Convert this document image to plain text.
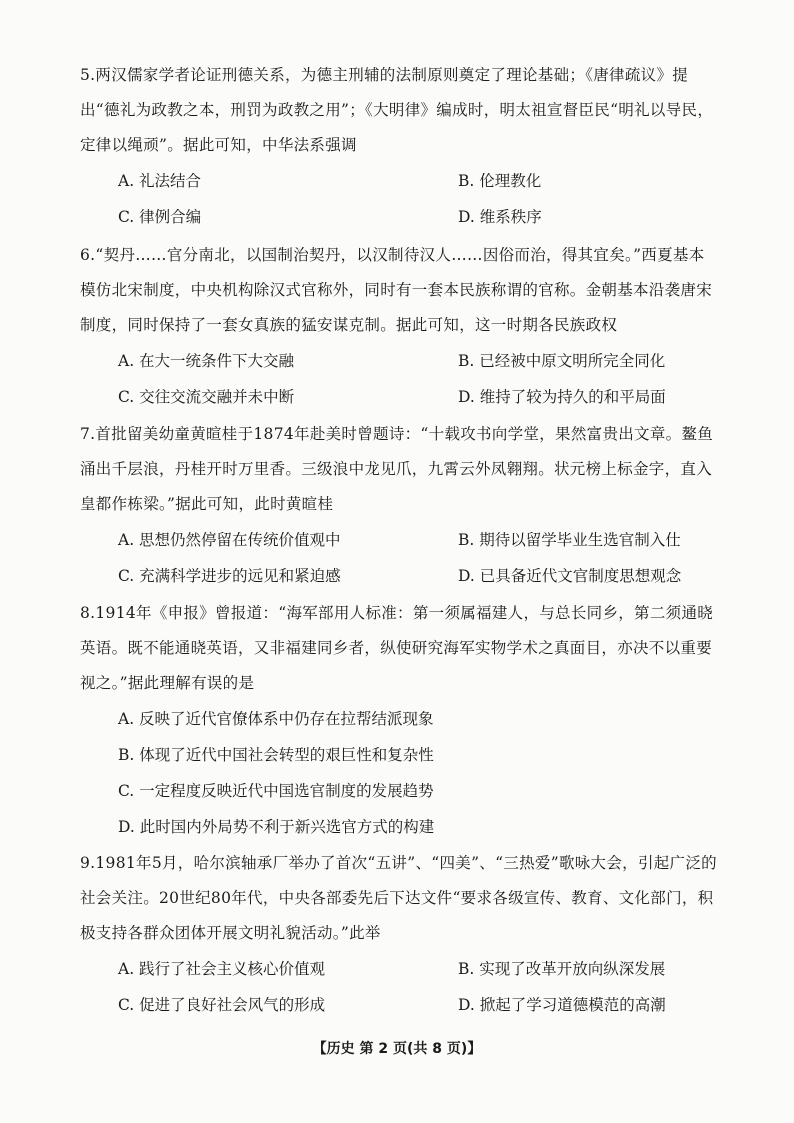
5.两汉儒家学者论证刑德关系，为德主刑辅的法制原则奠定了理论基础；《唐律疏议》提出“德礼为政教之本，刑罚为政教之用”；《大明律》编成时，明太祖宣督臣民“明礼以导民，定律以绳顽”。据此可知，中华法系强调

A. 礼法结合	B. 伦理教化
C. 律例合编	D. 维系秩序

6.“契丹……官分南北，以国制治契丹，以汉制待汉人……因俗而治，得其宜矣。”西夏基本模仿北宋制度，中央机构除汉式官称外，同时有一套本民族称谓的官称。金朝基本沿袭唐宋制度，同时保持了一套女真族的猛安谋克制。据此可知，这一时期各民族政权

A. 在大一统条件下大交融	B. 已经被中原文明所完全同化
C. 交往交流交融并未中断	D. 维持了较为持久的和平局面

7.首批留美幼童黄暄桂于1874年赴美时曾题诗：“十载攻书向学堂，果然富贵出文章。鳌鱼涌出千层浪，丹桂开时万里香。三级浪中龙见爪，九霄云外凤翱翔。状元榜上标金字，直入皇都作栋梁。”据此可知，此时黄暄桂

A. 思想仍然停留在传统价值观中	B. 期待以留学毕业生选官制入仕
C. 充满科学进步的远见和紧迫感	D. 已具备近代文官制度思想观念

8.1914年《申报》曾报道：“海军部用人标准：第一须属福建人，与总长同乡，第二须通晓英语。既不能通晓英语，又非福建同乡者，纵使研究海军实物学术之真面目，亦决不以重要视之。”据此理解有误的是

A. 反映了近代官僚体系中仍存在拉帮结派现象
B. 体现了近代中国社会转型的艰巨性和复杂性
C. 一定程度反映近代中国选官制度的发展趋势
D. 此时国内外局势不利于新兴选官方式的构建

9.1981年5月，哈尔滨轴承厂举办了首次“五讲”、“四美”、“三热爱”歌咏大会，引起广泛的社会关注。20世纪80年代，中央各部委先后下达文件“要求各级宣传、教育、文化部门，积极支持各群众团体开展文明礼貌活动。”此举

A. 践行了社会主义核心价值观	B. 实现了改革开放向纵深发展
C. 促进了良好社会风气的形成	D. 掀起了学习道德模范的高潮
【历史 第 2 页(共 8 页)】
